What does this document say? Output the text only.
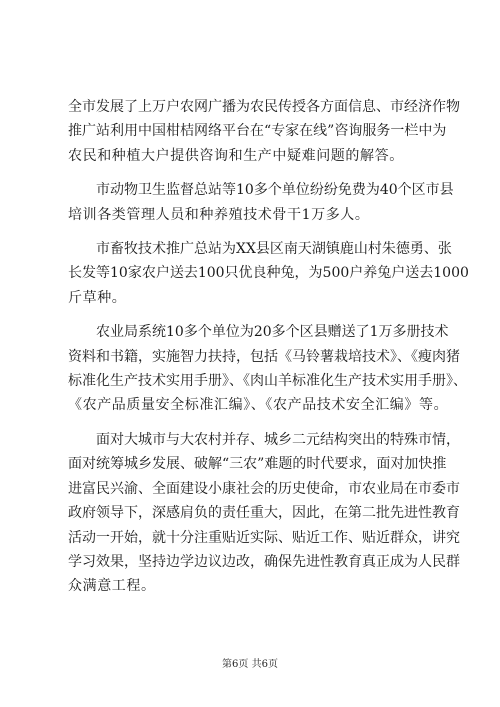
全市发展了上万户农网广播为农民传授各方面信息、市经济作物
推广站利用中国柑桔网络平台在“专家在线”咨询服务一栏中为
农民和种植大户提供咨询和生产中疑难问题的解答。

　　市动物卫生监督总站等10多个单位纷纷免费为40个区市县
培训各类管理人员和种养殖技术骨干1万多人。

　　市畜牧技术推广总站为XX县区南天湖镇鹿山村朱德勇、张
长发等10家农户送去100只优良种兔，为500户养兔户送去1000
斤草种。

　　农业局系统10多个单位为20多个区县赠送了1万多册技术
资料和书籍，实施智力扶持，包括《马铃薯栽培技术》、《瘦肉猪
标准化生产技术实用手册》、《肉山羊标准化生产技术实用手册》、
《农产品质量安全标准汇编》、《农产品技术安全汇编》等。

　　面对大城市与大农村并存、城乡二元结构突出的特殊市情，
面对统筹城乡发展、破解“三农”难题的时代要求，面对加快推
进富民兴渝、全面建设小康社会的历史使命，市农业局在市委市
政府领导下，深感肩负的责任重大，因此，在第二批先进性教育
活动一开始，就十分注重贴近实际、贴近工作、贴近群众，讲究
学习效果，坚持边学边议边改，确保先进性教育真正成为人民群
众满意工程。

第6页 共6页
